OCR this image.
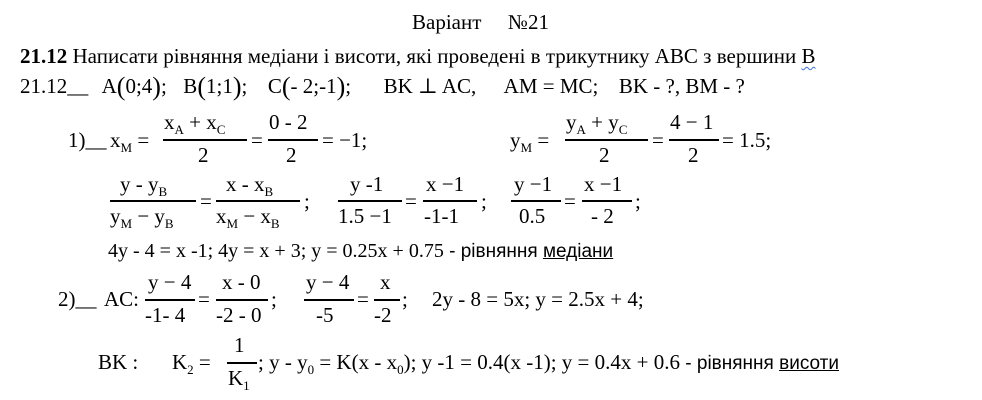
Варіант №21
21.12 Написати рівняння медіани і висоти, які проведені в трикутнику АВС з вершини В
21.12__ A(0;4);  B(1;1);  C(- 2;-1);  BK ⊥ AC, AM = MC; BK - ?, BM - ?
1)__ $x_M$ =
$x_A + x_C$
2
=
0 - 2
2
= −1;	$y_M$ =
$y_A + y_C$
2
=
4 − 1
2
= 1.5;
y - $y_B$
$y_M - y_B$
=
x - $x_B$
$x_M - x_B$
;
y -1
1.5 −1
=
x −1
-1-1
;
y −1
0.5
=
x −1
- 2
;
4y - 4 = x -1; 4y = x + 3; y = 0.25x + 0.75 - рівняння медіани
2)__ AC:
y − 4
-1- 4
=
x - 0
-2 - 0
;
y − 4
-5
=
x
-2
; 2y - 8 = 5x; y = 2.5x + 4;
BK : $K_2$ =
1
$K_1$
; $y - y_0 = K(x - x_0)$; y -1 = 0.4(x -1); y = 0.4x + 0.6 - рівняння висоти
